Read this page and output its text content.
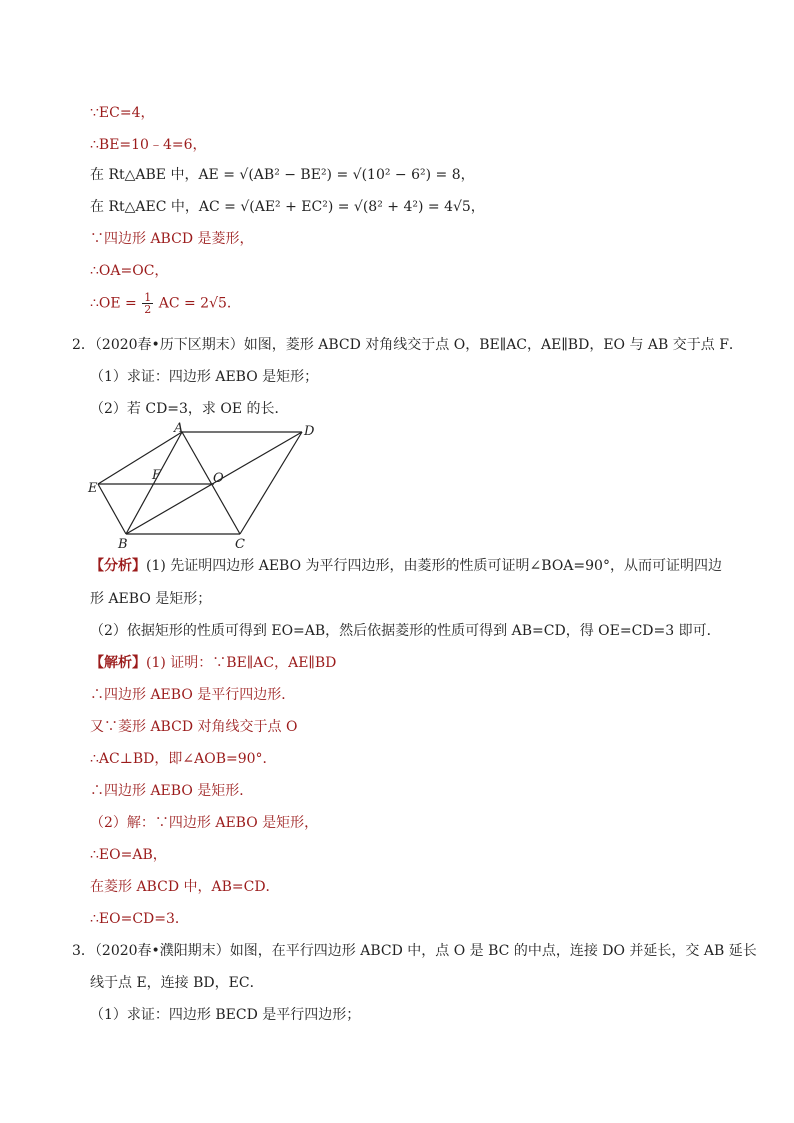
∵EC=4，
∴BE=10﹣4=6，
在 Rt△ABE 中，AE = √(AB² − BE²) = √(10² − 6²) = 8，
在 Rt△AEC 中，AC = √(AE² + EC²) = √(8² + 4²) = 4√5，
∵四边形 ABCD 是菱形，
∴OA=OC，
∴OE = $\frac{1}{2}$ AC = 2√5．
2．（2020春•历下区期末）如图，菱形 ABCD 对角线交于点 O，BE∥AC，AE∥BD，EO 与 AB 交于点 F．
（1）求证：四边形 AEBO 是矩形；
（2）若 CD=3，求 OE 的长．
A	D
E
F	O
B	C
【分析】(1) 先证明四边形 AEBO 为平行四边形，由菱形的性质可证明∠BOA=90°，从而可证明四边
形 AEBO 是矩形；
（2）依据矩形的性质可得到 EO=AB，然后依据菱形的性质可得到 AB=CD，得 OE=CD=3 即可．
【解析】(1) 证明：∵BE∥AC，AE∥BD
∴四边形 AEBO 是平行四边形．
又∵菱形 ABCD 对角线交于点 O
∴AC⊥BD，即∠AOB=90°．
∴四边形 AEBO 是矩形．
（2）解：∵四边形 AEBO 是矩形，
∴EO=AB，
在菱形 ABCD 中，AB=CD．
∴EO=CD=3．
3．（2020春•濮阳期末）如图，在平行四边形 ABCD 中，点 O 是 BC 的中点，连接 DO 并延长，交 AB 延长
线于点 E，连接 BD，EC．
（1）求证：四边形 BECD 是平行四边形；
